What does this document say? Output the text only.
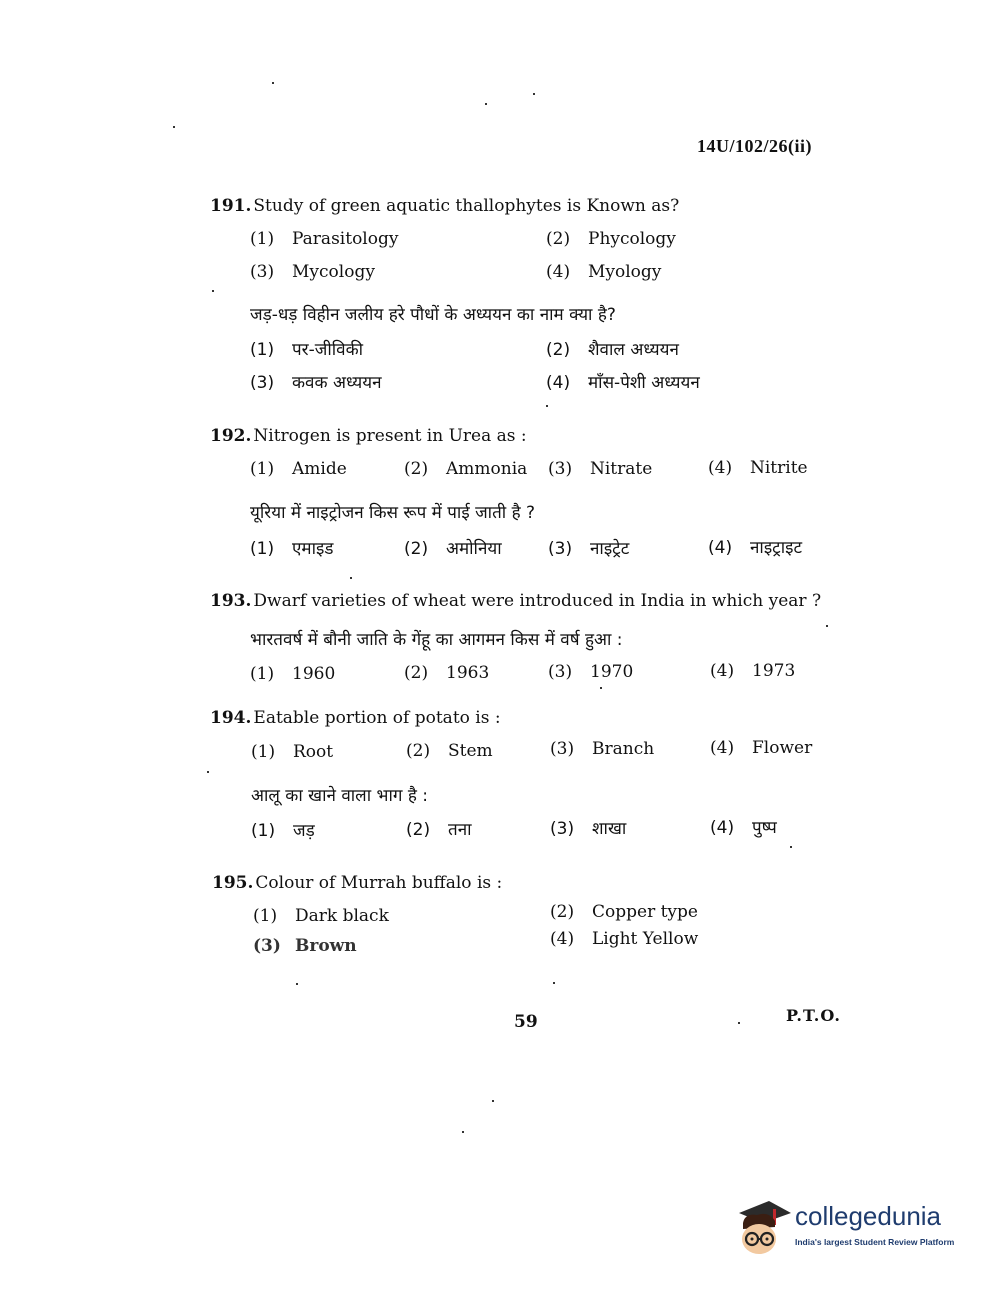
14U/102/26(ii)
191. Study of green aquatic thallophytes is Known as?
(1) Parasitology	(2) Phycology
(3) Mycology	(4) Myology
जड़-धड़ विहीन जलीय हरे पौधों के अध्ययन का नाम क्या है?
(1) पर-जीविकी	(2) शैवाल अध्ययन
(3) कवक अध्ययन	(4) माँस-पेशी अध्ययन
192. Nitrogen is present in Urea as :
(1) Amide	(2) Ammonia (3) Nitrate	(4) Nitrite
यूरिया में नाइट्रोजन किस रूप में पाई जाती है ?
(1) एमाइड	(2) अमोनिया	(3) नाइट्रेट	(4) नाइट्राइट
193. Dwarf varieties of wheat were introduced in India in which year ?
भारतवर्ष में बौनी जाति के गेंहू का आगमन किस में वर्ष हुआ :
(1) 1960	(2) 1963	(3) 1970	(4) 1973
194. Eatable portion of potato is :
(1) Root	(2) Stem	(3) Branch	(4) Flower
आलू का खाने वाला भाग है :
(1) जड़	(2) तना	(3) शाखा	(4) पुष्प
195. Colour of Murrah buffalo is :
(1) Dark black	(2) Copper type
(3) Brown	(4) Light Yellow
59	P.T.O.
collegedunia
India's largest Student Review Platform
